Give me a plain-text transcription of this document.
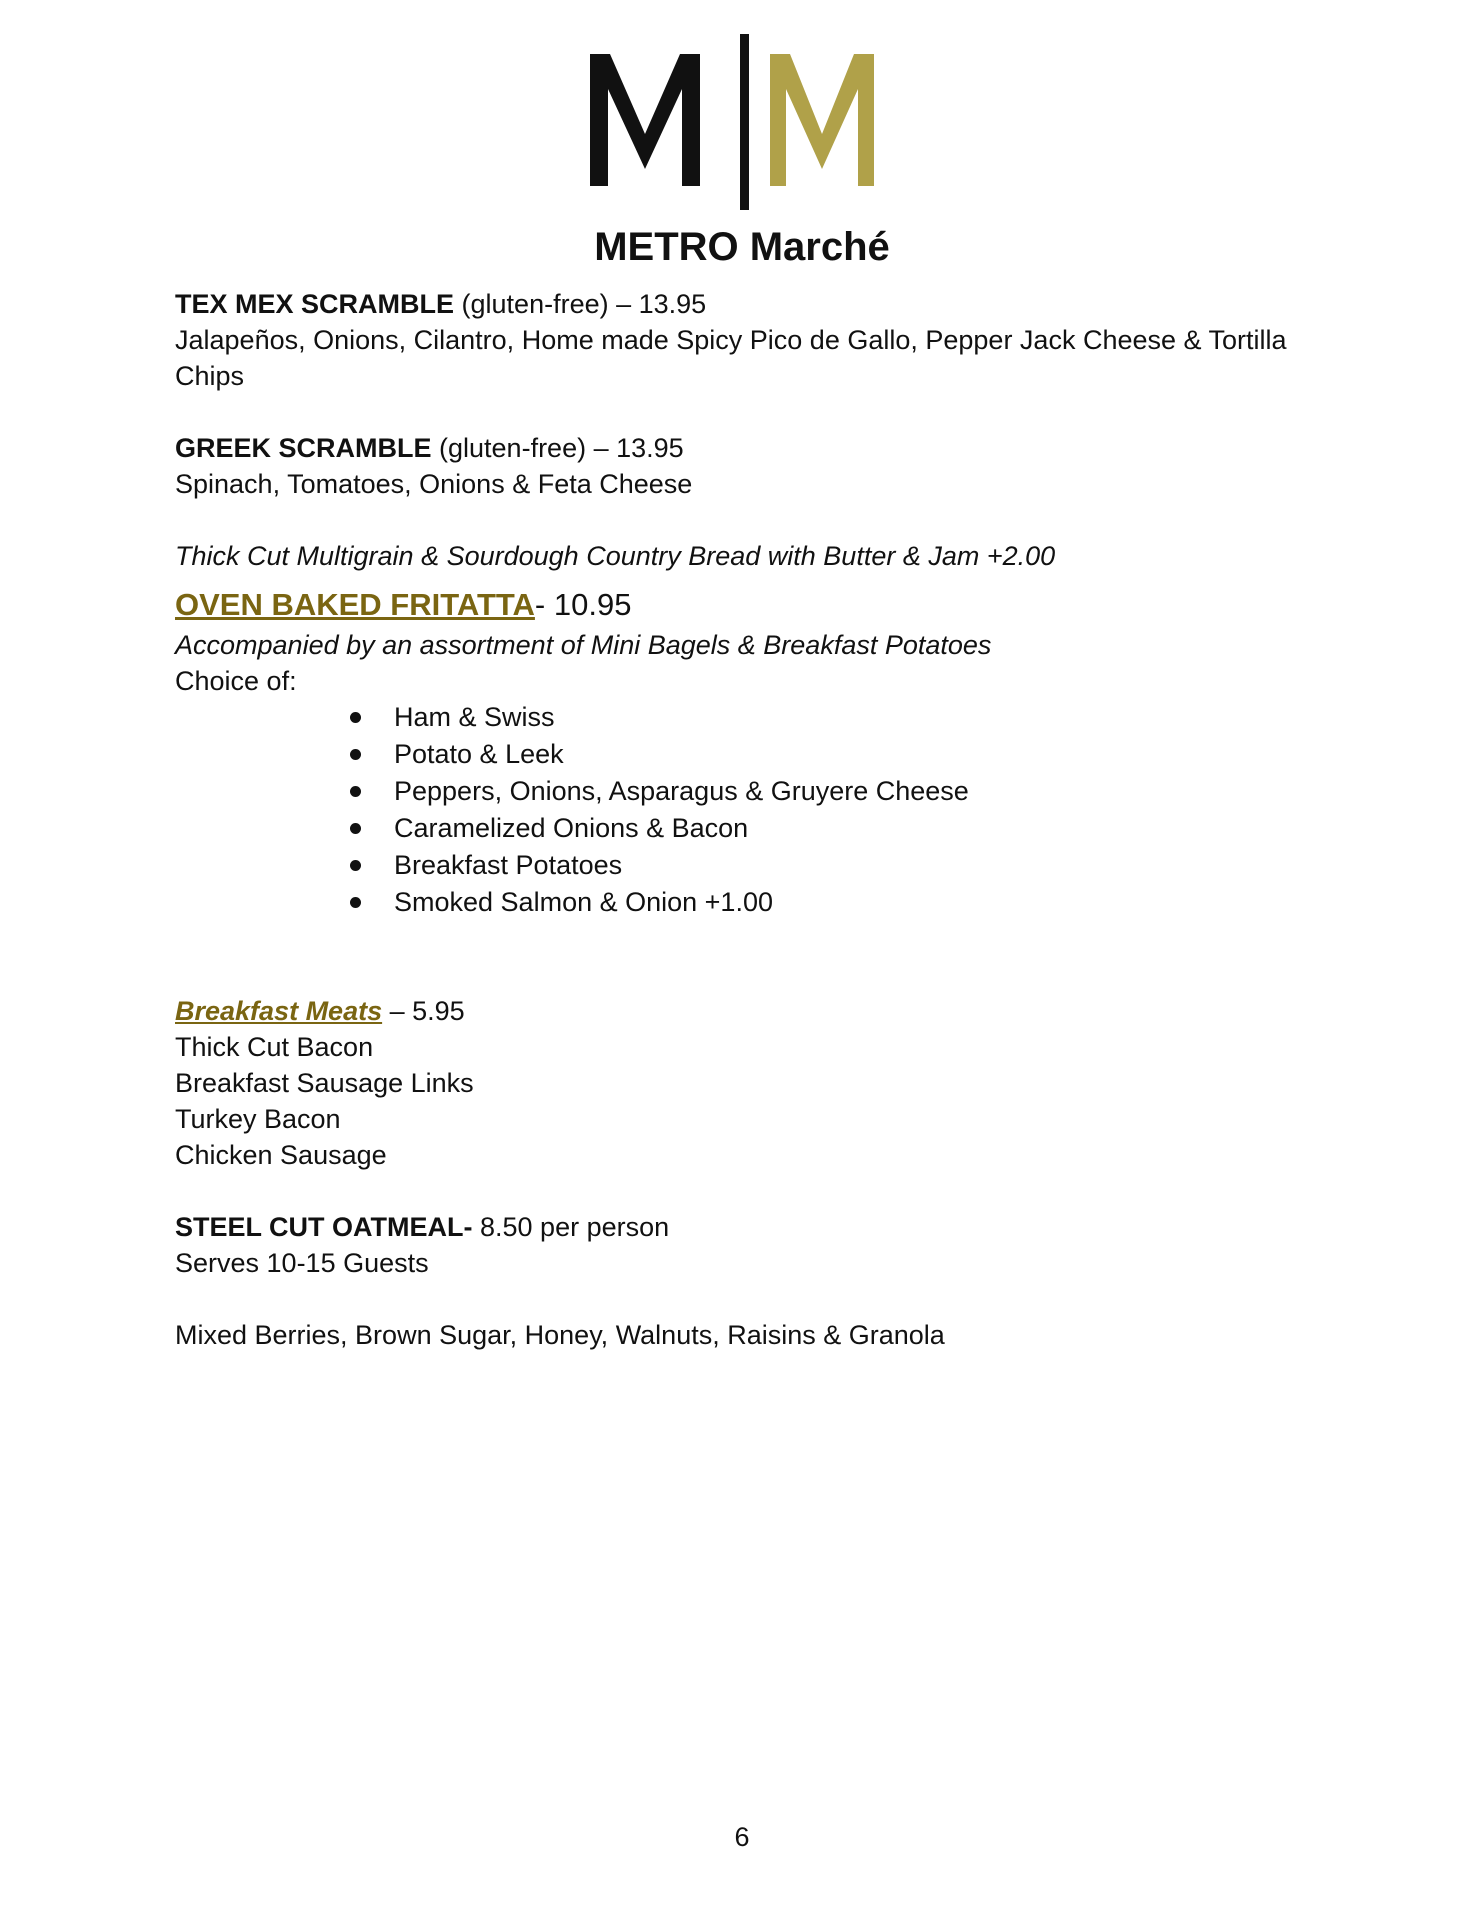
METRO Marché
TEX MEX SCRAMBLE (gluten-free) – 13.95
Jalapeños, Onions, Cilantro, Home made Spicy Pico de Gallo, Pepper Jack Cheese & Tortilla Chips
GREEK SCRAMBLE (gluten-free) – 13.95
Spinach, Tomatoes, Onions & Feta Cheese
Thick Cut Multigrain & Sourdough Country Bread with Butter & Jam +2.00
OVEN BAKED FRITATTA- 10.95
Accompanied by an assortment of Mini Bagels & Breakfast Potatoes
Choice of:
Ham & Swiss
Potato & Leek
Peppers, Onions, Asparagus & Gruyere Cheese
Caramelized Onions & Bacon
Breakfast Potatoes
Smoked Salmon & Onion +1.00
Breakfast Meats – 5.95
Thick Cut Bacon
Breakfast Sausage Links
Turkey Bacon
Chicken Sausage
STEEL CUT OATMEAL- 8.50 per person
Serves 10-15 Guests
Mixed Berries, Brown Sugar, Honey, Walnuts, Raisins & Granola
6
